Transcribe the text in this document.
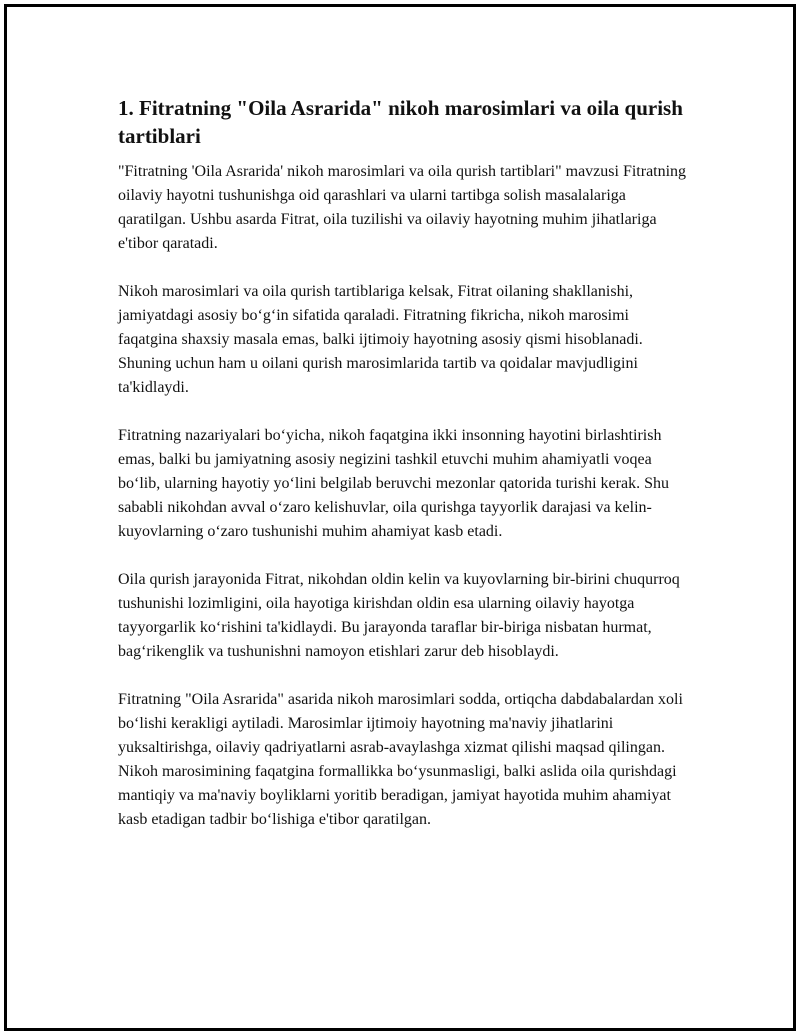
1. Fitratning "Oila Asrarida" nikoh marosimlari va oila qurish tartiblari

"Fitratning 'Oila Asrarida' nikoh marosimlari va oila qurish tartiblari" mavzusi Fitratning oilaviy hayotni tushunishga oid qarashlari va ularni tartibga solish masalalariga qaratilgan. Ushbu asarda Fitrat, oila tuzilishi va oilaviy hayotning muhim jihatlariga e'tibor qaratadi.

Nikoh marosimlari va oila qurish tartiblariga kelsak, Fitrat oilaning shakllanishi, jamiyatdagi asosiy bo‘g‘in sifatida qaraladi. Fitratning fikricha, nikoh marosimi faqatgina shaxsiy masala emas, balki ijtimoiy hayotning asosiy qismi hisoblanadi. Shuning uchun ham u oilani qurish marosimlarida tartib va qoidalar mavjudligini ta'kidlaydi.

Fitratning nazariyalari bo‘yicha, nikoh faqatgina ikki insonning hayotini birlashtirish emas, balki bu jamiyatning asosiy negizini tashkil etuvchi muhim ahamiyatli voqea bo‘lib, ularning hayotiy yo‘lini belgilab beruvchi mezonlar qatorida turishi kerak. Shu sababli nikohdan avval o‘zaro kelishuvlar, oila qurishga tayyorlik darajasi va kelin-kuyovlarning o‘zaro tushunishi muhim ahamiyat kasb etadi.

Oila qurish jarayonida Fitrat, nikohdan oldin kelin va kuyovlarning bir-birini chuqurroq tushunishi lozimligini, oila hayotiga kirishdan oldin esa ularning oilaviy hayotga tayyorgarlik ko‘rishini ta'kidlaydi. Bu jarayonda taraflar bir-biriga nisbatan hurmat, bag‘rikenglik va tushunishni namoyon etishlari zarur deb hisoblaydi.

Fitratning "Oila Asrarida" asarida nikoh marosimlari sodda, ortiqcha dabdabalardan xoli bo‘lishi kerakligi aytiladi. Marosimlar ijtimoiy hayotning ma'naviy jihatlarini yuksaltirishga, oilaviy qadriyatlarni asrab-avaylashga xizmat qilishi maqsad qilingan. Nikoh marosimining faqatgina formallikka bo‘ysunmasligi, balki aslida oila qurishdagi mantiqiy va ma'naviy boyliklarni yoritib beradigan, jamiyat hayotida muhim ahamiyat kasb etadigan tadbir bo‘lishiga e'tibor qaratilgan.
